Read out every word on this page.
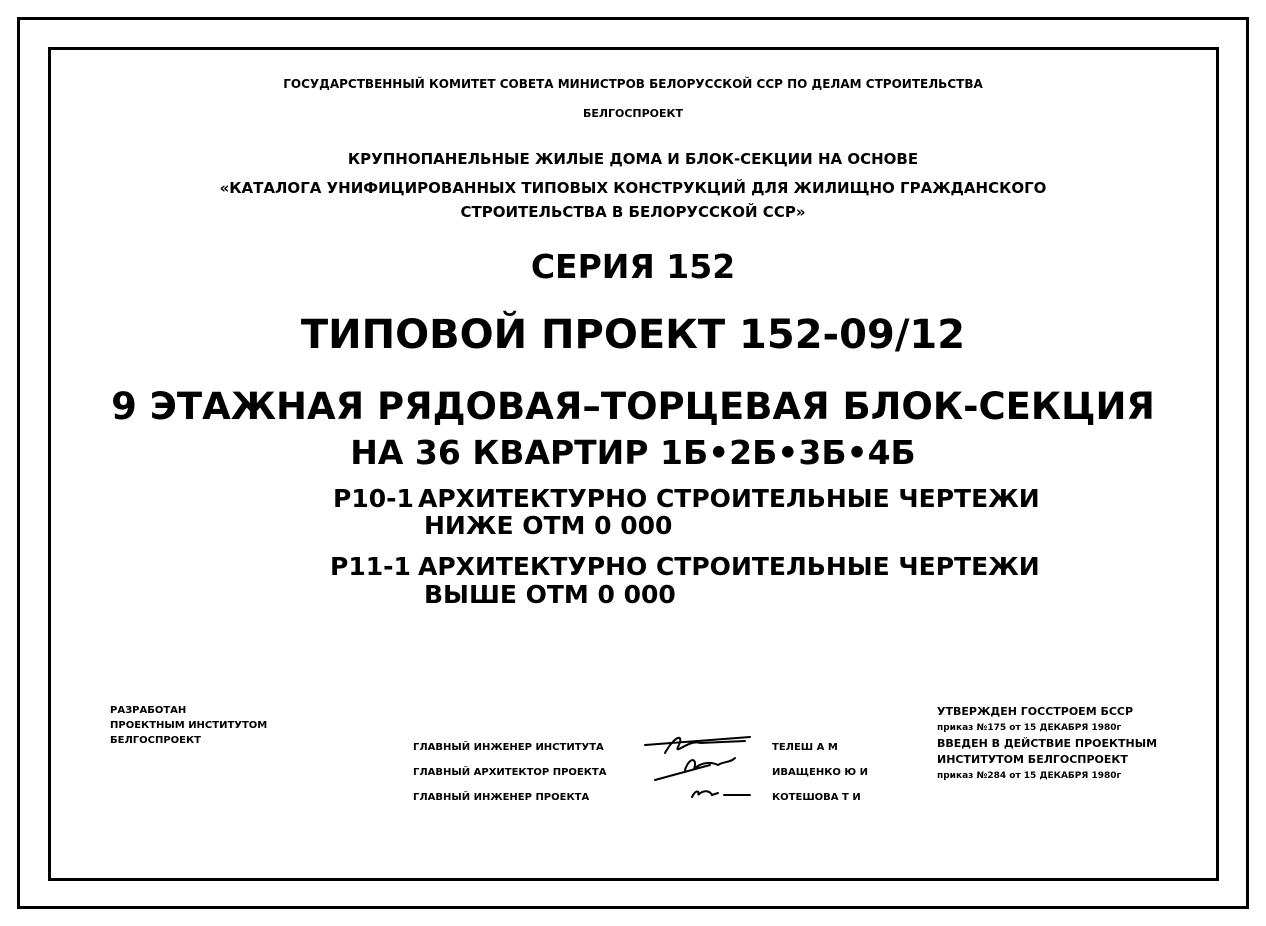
ГОСУДАРСТВЕННЫЙ КОМИТЕТ СОВЕТА МИНИСТРОВ БЕЛОРУССКОЙ ССР ПО ДЕЛАМ СТРОИТЕЛЬСТВА
БЕЛГОСПРОЕКТ
КРУПНОПАНЕЛЬНЫЕ ЖИЛЫЕ ДОМА И БЛОК-СЕКЦИИ НА ОСНОВЕ
«КАТАЛОГА УНИФИЦИРОВАННЫХ ТИПОВЫХ КОНСТРУКЦИЙ ДЛЯ ЖИЛИЩНО ГРАЖДАНСКОГО
СТРОИТЕЛЬСТВА В БЕЛОРУССКОЙ ССР»
СЕРИЯ 152
ТИПОВОЙ ПРОЕКТ 152-09/12
9 ЭТАЖНАЯ РЯДОВАЯ–ТОРЦЕВАЯ БЛОК-СЕКЦИЯ
НА 36 КВАРТИР 1Б•2Б•3Б•4Б
Р10-1 АРХИТЕКТУРНО СТРОИТЕЛЬНЫЕ ЧЕРТЕЖИ
НИЖЕ ОТМ 0 000
Р11-1 АРХИТЕКТУРНО СТРОИТЕЛЬНЫЕ ЧЕРТЕЖИ
ВЫШЕ ОТМ 0 000
РАЗРАБОТАН
ПРОЕКТНЫМ ИНСТИТУТОМ
БЕЛГОСПРОЕКТ
ГЛАВНЫЙ ИНЖЕНЕР ИНСТИТУТА
ГЛАВНЫЙ АРХИТЕКТОР ПРОЕКТА
ГЛАВНЫЙ ИНЖЕНЕР ПРОЕКТА
ТЕЛЕШ А М
ИВАЩЕНКО Ю И
КОТЕШОВА Т И
УТВЕРЖДЕН ГОССТРОЕМ БССР
приказ №175 от 15 ДЕКАБРЯ 1980г
ВВЕДЕН В ДЕЙСТВИЕ ПРОЕКТНЫМ
ИНСТИТУТОМ БЕЛГОСПРОЕКТ
приказ №284 от 15 ДЕКАБРЯ 1980г
